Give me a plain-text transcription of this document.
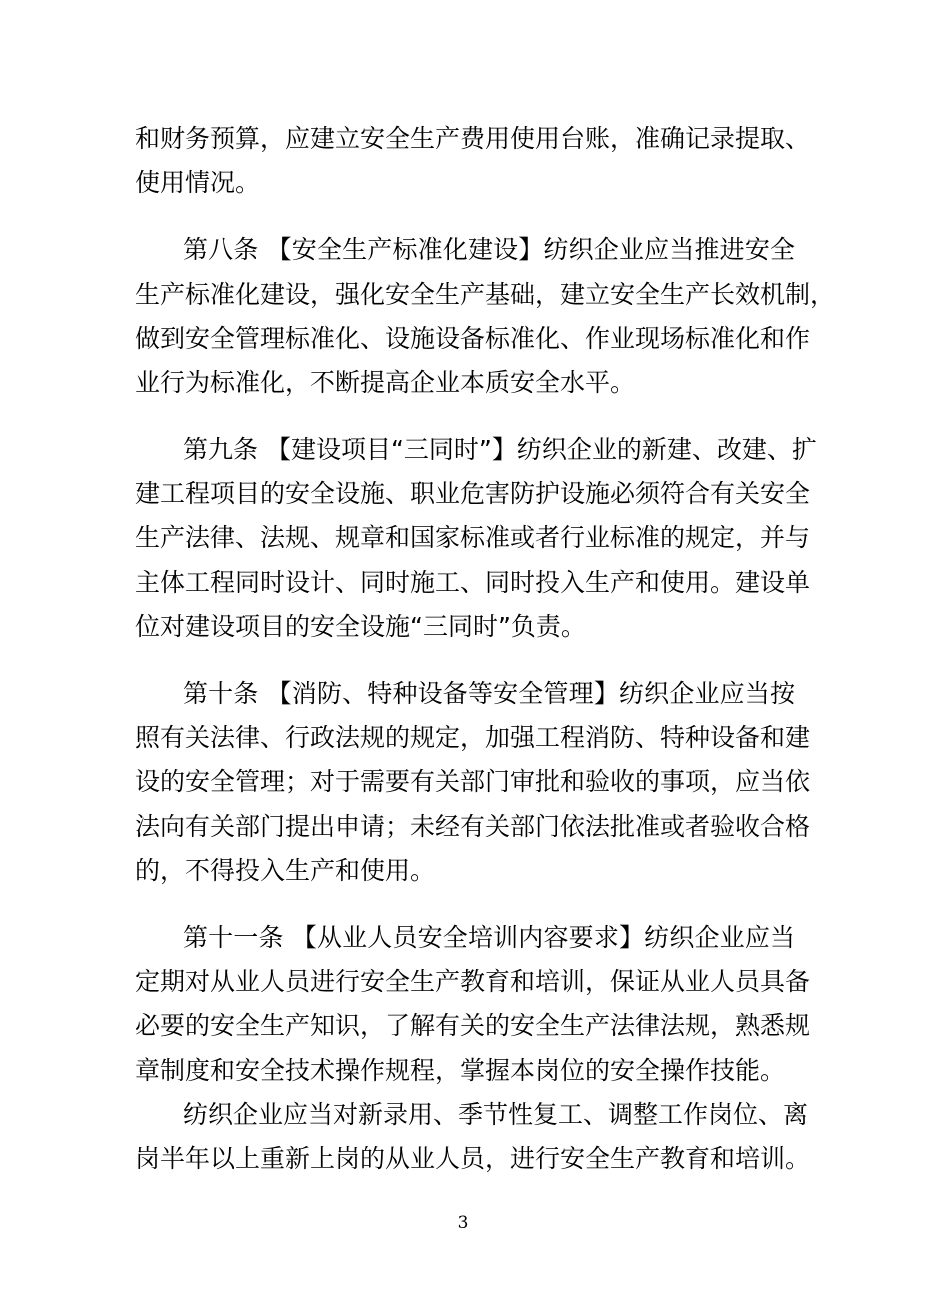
和财务预算，应建立安全生产费用使用台账，准确记录提取、
使用情况。
第八条 【安全生产标准化建设】纺织企业应当推进安全
生产标准化建设，强化安全生产基础，建立安全生产长效机制，
做到安全管理标准化、设施设备标准化、作业现场标准化和作
业行为标准化，不断提高企业本质安全水平。
第九条 【建设项目“三同时”】纺织企业的新建、改建、扩
建工程项目的安全设施、职业危害防护设施必须符合有关安全
生产法律、法规、规章和国家标准或者行业标准的规定，并与
主体工程同时设计、同时施工、同时投入生产和使用。建设单
位对建设项目的安全设施“三同时”负责。
第十条 【消防、特种设备等安全管理】纺织企业应当按
照有关法律、行政法规的规定，加强工程消防、特种设备和建
设的安全管理；对于需要有关部门审批和验收的事项，应当依
法向有关部门提出申请；未经有关部门依法批准或者验收合格
的，不得投入生产和使用。
第十一条 【从业人员安全培训内容要求】纺织企业应当
定期对从业人员进行安全生产教育和培训，保证从业人员具备
必要的安全生产知识，了解有关的安全生产法律法规，熟悉规
章制度和安全技术操作规程，掌握本岗位的安全操作技能。
纺织企业应当对新录用、季节性复工、调整工作岗位、离
岗半年以上重新上岗的从业人员，进行安全生产教育和培训。
3
